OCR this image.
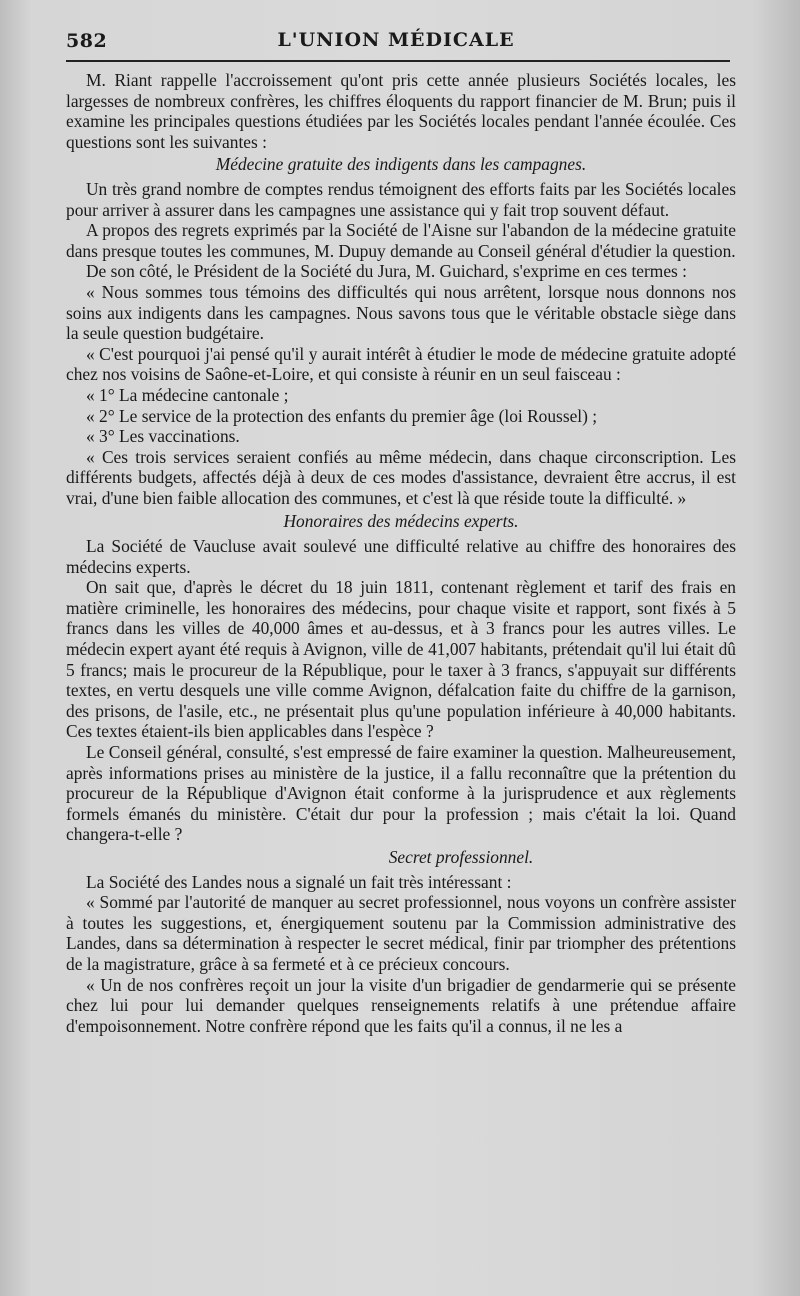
582	L'UNION MÉDICALE

M. Riant rappelle l'accroissement qu'ont pris cette année plusieurs Sociétés locales, les largesses de nombreux confrères, les chiffres éloquents du rapport financier de M. Brun; puis il examine les principales questions étudiées par les Sociétés locales pendant l'année écoulée. Ces questions sont les suivantes :

Médecine gratuite des indigents dans les campagnes.

Un très grand nombre de comptes rendus témoignent des efforts faits par les Sociétés locales pour arriver à assurer dans les campagnes une assistance qui y fait trop souvent défaut.

A propos des regrets exprimés par la Société de l'Aisne sur l'abandon de la médecine gratuite dans presque toutes les communes, M. Dupuy demande au Conseil général d'étudier la question.

De son côté, le Président de la Société du Jura, M. Guichard, s'exprime en ces termes :

« Nous sommes tous témoins des difficultés qui nous arrêtent, lorsque nous donnons nos soins aux indigents dans les campagnes. Nous savons tous que le véritable obstacle siège dans la seule question budgétaire.

« C'est pourquoi j'ai pensé qu'il y aurait intérêt à étudier le mode de médecine gratuite adopté chez nos voisins de Saône-et-Loire, et qui consiste à réunir en un seul faisceau :

« 1° La médecine cantonale ;

« 2° Le service de la protection des enfants du premier âge (loi Roussel) ;

« 3° Les vaccinations.

« Ces trois services seraient confiés au même médecin, dans chaque circonscription. Les différents budgets, affectés déjà à deux de ces modes d'assistance, devraient être accrus, il est vrai, d'une bien faible allocation des communes, et c'est là que réside toute la difficulté. »

Honoraires des médecins experts.

La Société de Vaucluse avait soulevé une difficulté relative au chiffre des honoraires des médecins experts.

On sait que, d'après le décret du 18 juin 1811, contenant règlement et tarif des frais en matière criminelle, les honoraires des médecins, pour chaque visite et rapport, sont fixés à 5 francs dans les villes de 40,000 âmes et au-dessus, et à 3 francs pour les autres villes. Le médecin expert ayant été requis à Avignon, ville de 41,007 habitants, prétendait qu'il lui était dû 5 francs; mais le procureur de la République, pour le taxer à 3 francs, s'appuyait sur différents textes, en vertu desquels une ville comme Avignon, défalcation faite du chiffre de la garnison, des prisons, de l'asile, etc., ne présentait plus qu'une population inférieure à 40,000 habitants. Ces textes étaient-ils bien applicables dans l'espèce ?

Le Conseil général, consulté, s'est empressé de faire examiner la question. Malheureusement, après informations prises au ministère de la justice, il a fallu reconnaître que la prétention du procureur de la République d'Avignon était conforme à la jurisprudence et aux règlements formels émanés du ministère. C'était dur pour la profession ; mais c'était la loi. Quand changera-t-elle ?

Secret professionnel.

La Société des Landes nous a signalé un fait très intéressant :

« Sommé par l'autorité de manquer au secret professionnel, nous voyons un confrère assister à toutes les suggestions, et, énergiquement soutenu par la Commission administrative des Landes, dans sa détermination à respecter le secret médical, finir par triompher des prétentions de la magistrature, grâce à sa fermeté et à ce précieux concours.

« Un de nos confrères reçoit un jour la visite d'un brigadier de gendarmerie qui se présente chez lui pour lui demander quelques renseignements relatifs à une prétendue affaire d'empoisonnement. Notre confrère répond que les faits qu'il a connus, il ne les a
